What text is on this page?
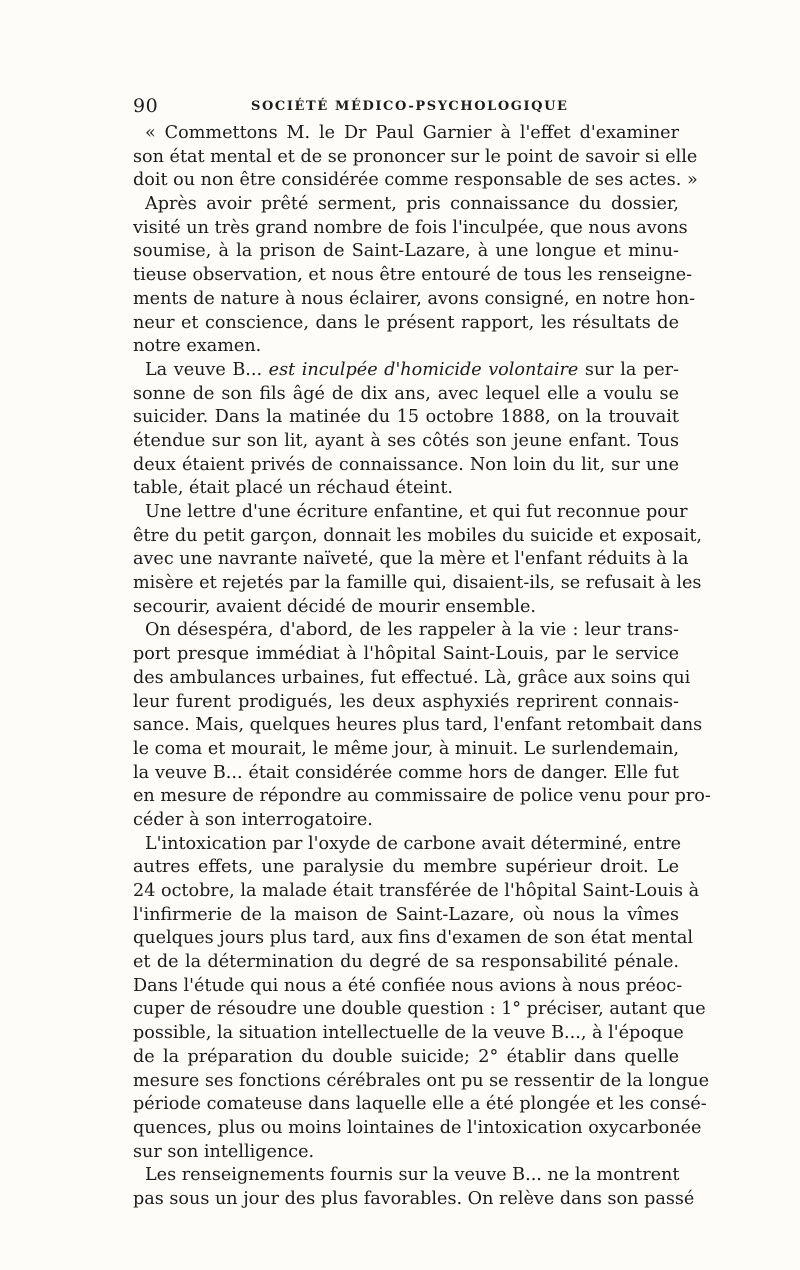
90	SOCIÉTÉ MÉDICO-PSYCHOLOGIQUE
« Commettons M. le Dr Paul Garnier à l'effet d'examiner
son état mental et de se prononcer sur le point de savoir si elle
doit ou non être considérée comme responsable de ses actes. »
Après avoir prêté serment, pris connaissance du dossier,
visité un très grand nombre de fois l'inculpée, que nous avons
soumise, à la prison de Saint-Lazare, à une longue et minu-
tieuse observation, et nous être entouré de tous les renseigne-
ments de nature à nous éclairer, avons consigné, en notre hon-
neur et conscience, dans le présent rapport, les résultats de
notre examen.
La veuve B... est inculpée d'homicide volontaire sur la per-
sonne de son fils âgé de dix ans, avec lequel elle a voulu se
suicider. Dans la matinée du 15 octobre 1888, on la trouvait
étendue sur son lit, ayant à ses côtés son jeune enfant. Tous
deux étaient privés de connaissance. Non loin du lit, sur une
table, était placé un réchaud éteint.
Une lettre d'une écriture enfantine, et qui fut reconnue pour
être du petit garçon, donnait les mobiles du suicide et exposait,
avec une navrante naïveté, que la mère et l'enfant réduits à la
misère et rejetés par la famille qui, disaient-ils, se refusait à les
secourir, avaient décidé de mourir ensemble.
On désespéra, d'abord, de les rappeler à la vie : leur trans-
port presque immédiat à l'hôpital Saint-Louis, par le service
des ambulances urbaines, fut effectué. Là, grâce aux soins qui
leur furent prodigués, les deux asphyxiés reprirent connais-
sance. Mais, quelques heures plus tard, l'enfant retombait dans
le coma et mourait, le même jour, à minuit. Le surlendemain,
la veuve B... était considérée comme hors de danger. Elle fut
en mesure de répondre au commissaire de police venu pour pro-
céder à son interrogatoire.
L'intoxication par l'oxyde de carbone avait déterminé, entre
autres effets, une paralysie du membre supérieur droit. Le
24 octobre, la malade était transférée de l'hôpital Saint-Louis à
l'infirmerie de la maison de Saint-Lazare, où nous la vîmes
quelques jours plus tard, aux fins d'examen de son état mental
et de la détermination du degré de sa responsabilité pénale.
Dans l'étude qui nous a été confiée nous avions à nous préoc-
cuper de résoudre une double question : 1° préciser, autant que
possible, la situation intellectuelle de la veuve B..., à l'époque
de la préparation du double suicide; 2° établir dans quelle
mesure ses fonctions cérébrales ont pu se ressentir de la longue
période comateuse dans laquelle elle a été plongée et les consé-
quences, plus ou moins lointaines de l'intoxication oxycarbonée
sur son intelligence.
Les renseignements fournis sur la veuve B... ne la montrent
pas sous un jour des plus favorables. On relève dans son passé
